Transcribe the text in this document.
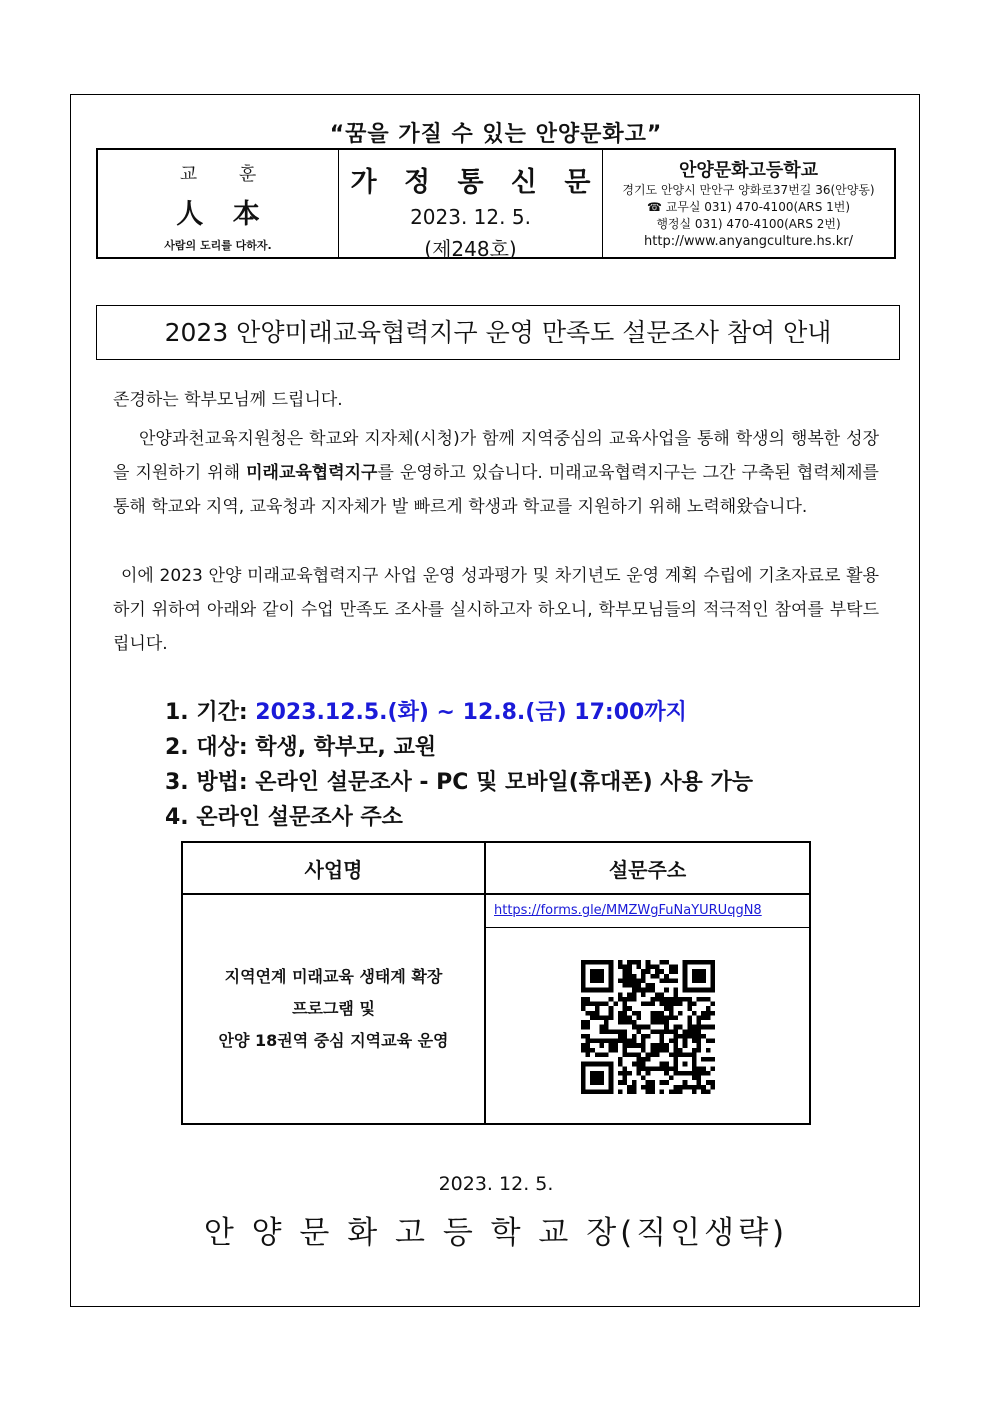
“꿈을 가질 수 있는 안양문화고”
교 훈
人 本
사람의 도리를 다하자.
가 정 통 신 문
2023. 12. 5.
(제248호)
안양문화고등학교
경기도 안양시 만안구 양화로37번길 36(안양동)
☎ 교무실 031) 470-4100(ARS 1번)
행정실 031) 470-4100(ARS 2번)
http://www.anyangculture.hs.kr/
2023 안양미래교육협력지구 운영 만족도 설문조사 참여 안내
존경하는 학부모님께 드립니다.
안양과천교육지원청은 학교와 지자체(시청)가 함께 지역중심의 교육사업을 통해 학생의 행복한 성장을 지원하기 위해 미래교육협력지구를 운영하고 있습니다. 미래교육협력지구는 그간 구축된 협력체제를 통해 학교와 지역, 교육청과 지자체가 발 빠르게 학생과 학교를 지원하기 위해 노력해왔습니다.
이에 2023 안양 미래교육협력지구 사업 운영 성과평가 및 차기년도 운영 계획 수립에 기초자료로 활용하기 위하여 아래와 같이 수업 만족도 조사를 실시하고자 하오니, 학부모님들의 적극적인 참여를 부탁드립니다.
1. 기간: 2023.12.5.(화) ~ 12.8.(금) 17:00까지
2. 대상: 학생, 학부모, 교원
3. 방법: 온라인 설문조사 - PC 및 모바일(휴대폰) 사용 가능
4. 온라인 설문조사 주소
사업명	설문주소

지역연계 미래교육 생태계 확장
프로그램 및
안양 18권역 중심 지역교육 운영	https://forms.gle/MMZWgFuNaYURUqgN8
2023. 12. 5.
안 양 문 화 고 등 학 교 장(직인생략)
